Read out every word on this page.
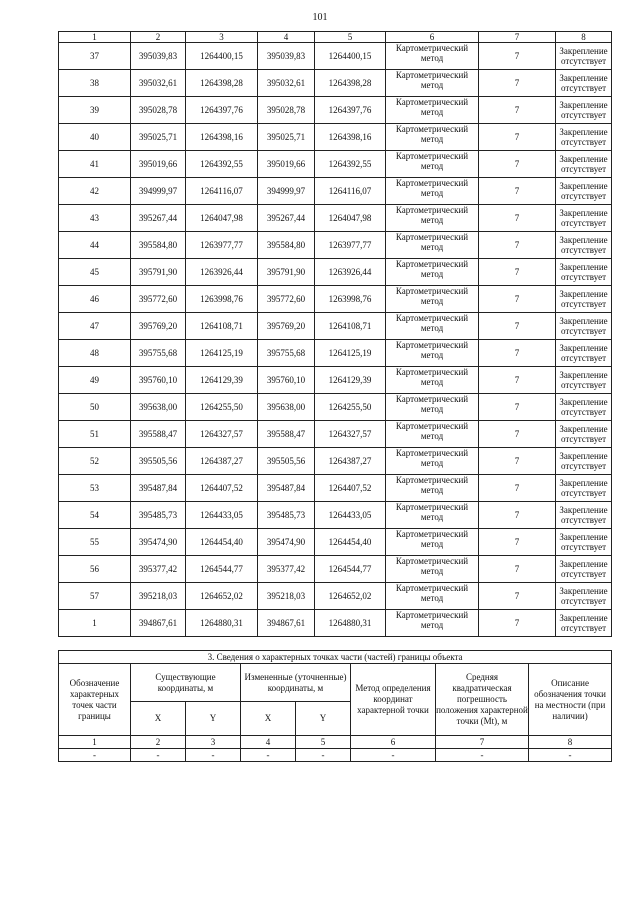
101
1	2	3	4	5	6	7	8
37	395039,83	1264400,15	395039,83	1264400,15	Картометрический метод	7	Закрепление отсутствует
38	395032,61	1264398,28	395032,61	1264398,28	Картометрический метод	7	Закрепление отсутствует
39	395028,78	1264397,76	395028,78	1264397,76	Картометрический метод	7	Закрепление отсутствует
40	395025,71	1264398,16	395025,71	1264398,16	Картометрический метод	7	Закрепление отсутствует
41	395019,66	1264392,55	395019,66	1264392,55	Картометрический метод	7	Закрепление отсутствует
42	394999,97	1264116,07	394999,97	1264116,07	Картометрический метод	7	Закрепление отсутствует
43	395267,44	1264047,98	395267,44	1264047,98	Картометрический метод	7	Закрепление отсутствует
44	395584,80	1263977,77	395584,80	1263977,77	Картометрический метод	7	Закрепление отсутствует
45	395791,90	1263926,44	395791,90	1263926,44	Картометрический метод	7	Закрепление отсутствует
46	395772,60	1263998,76	395772,60	1263998,76	Картометрический метод	7	Закрепление отсутствует
47	395769,20	1264108,71	395769,20	1264108,71	Картометрический метод	7	Закрепление отсутствует
48	395755,68	1264125,19	395755,68	1264125,19	Картометрический метод	7	Закрепление отсутствует
49	395760,10	1264129,39	395760,10	1264129,39	Картометрический метод	7	Закрепление отсутствует
50	395638,00	1264255,50	395638,00	1264255,50	Картометрический метод	7	Закрепление отсутствует
51	395588,47	1264327,57	395588,47	1264327,57	Картометрический метод	7	Закрепление отсутствует
52	395505,56	1264387,27	395505,56	1264387,27	Картометрический метод	7	Закрепление отсутствует
53	395487,84	1264407,52	395487,84	1264407,52	Картометрический метод	7	Закрепление отсутствует
54	395485,73	1264433,05	395485,73	1264433,05	Картометрический метод	7	Закрепление отсутствует
55	395474,90	1264454,40	395474,90	1264454,40	Картометрический метод	7	Закрепление отсутствует
56	395377,42	1264544,77	395377,42	1264544,77	Картометрический метод	7	Закрепление отсутствует
57	395218,03	1264652,02	395218,03	1264652,02	Картометрический метод	7	Закрепление отсутствует
1	394867,61	1264880,31	394867,61	1264880,31	Картометрический метод	7	Закрепление отсутствует
3. Сведения о характерных точках части (частей) границы объекта							
Обозначение характерных точек части границы	Существующие координаты, м		Измененные (уточненные) координаты, м		Метод определения координат характерной точки	Средняя квадратическая погрешность положения характерной точки (Mt), м	Описание обозначения точки на местности (при наличии)
	X	Y	X	Y			
1	2	3	4	5	6	7	8
-	-	-	-	-	-	-	-
